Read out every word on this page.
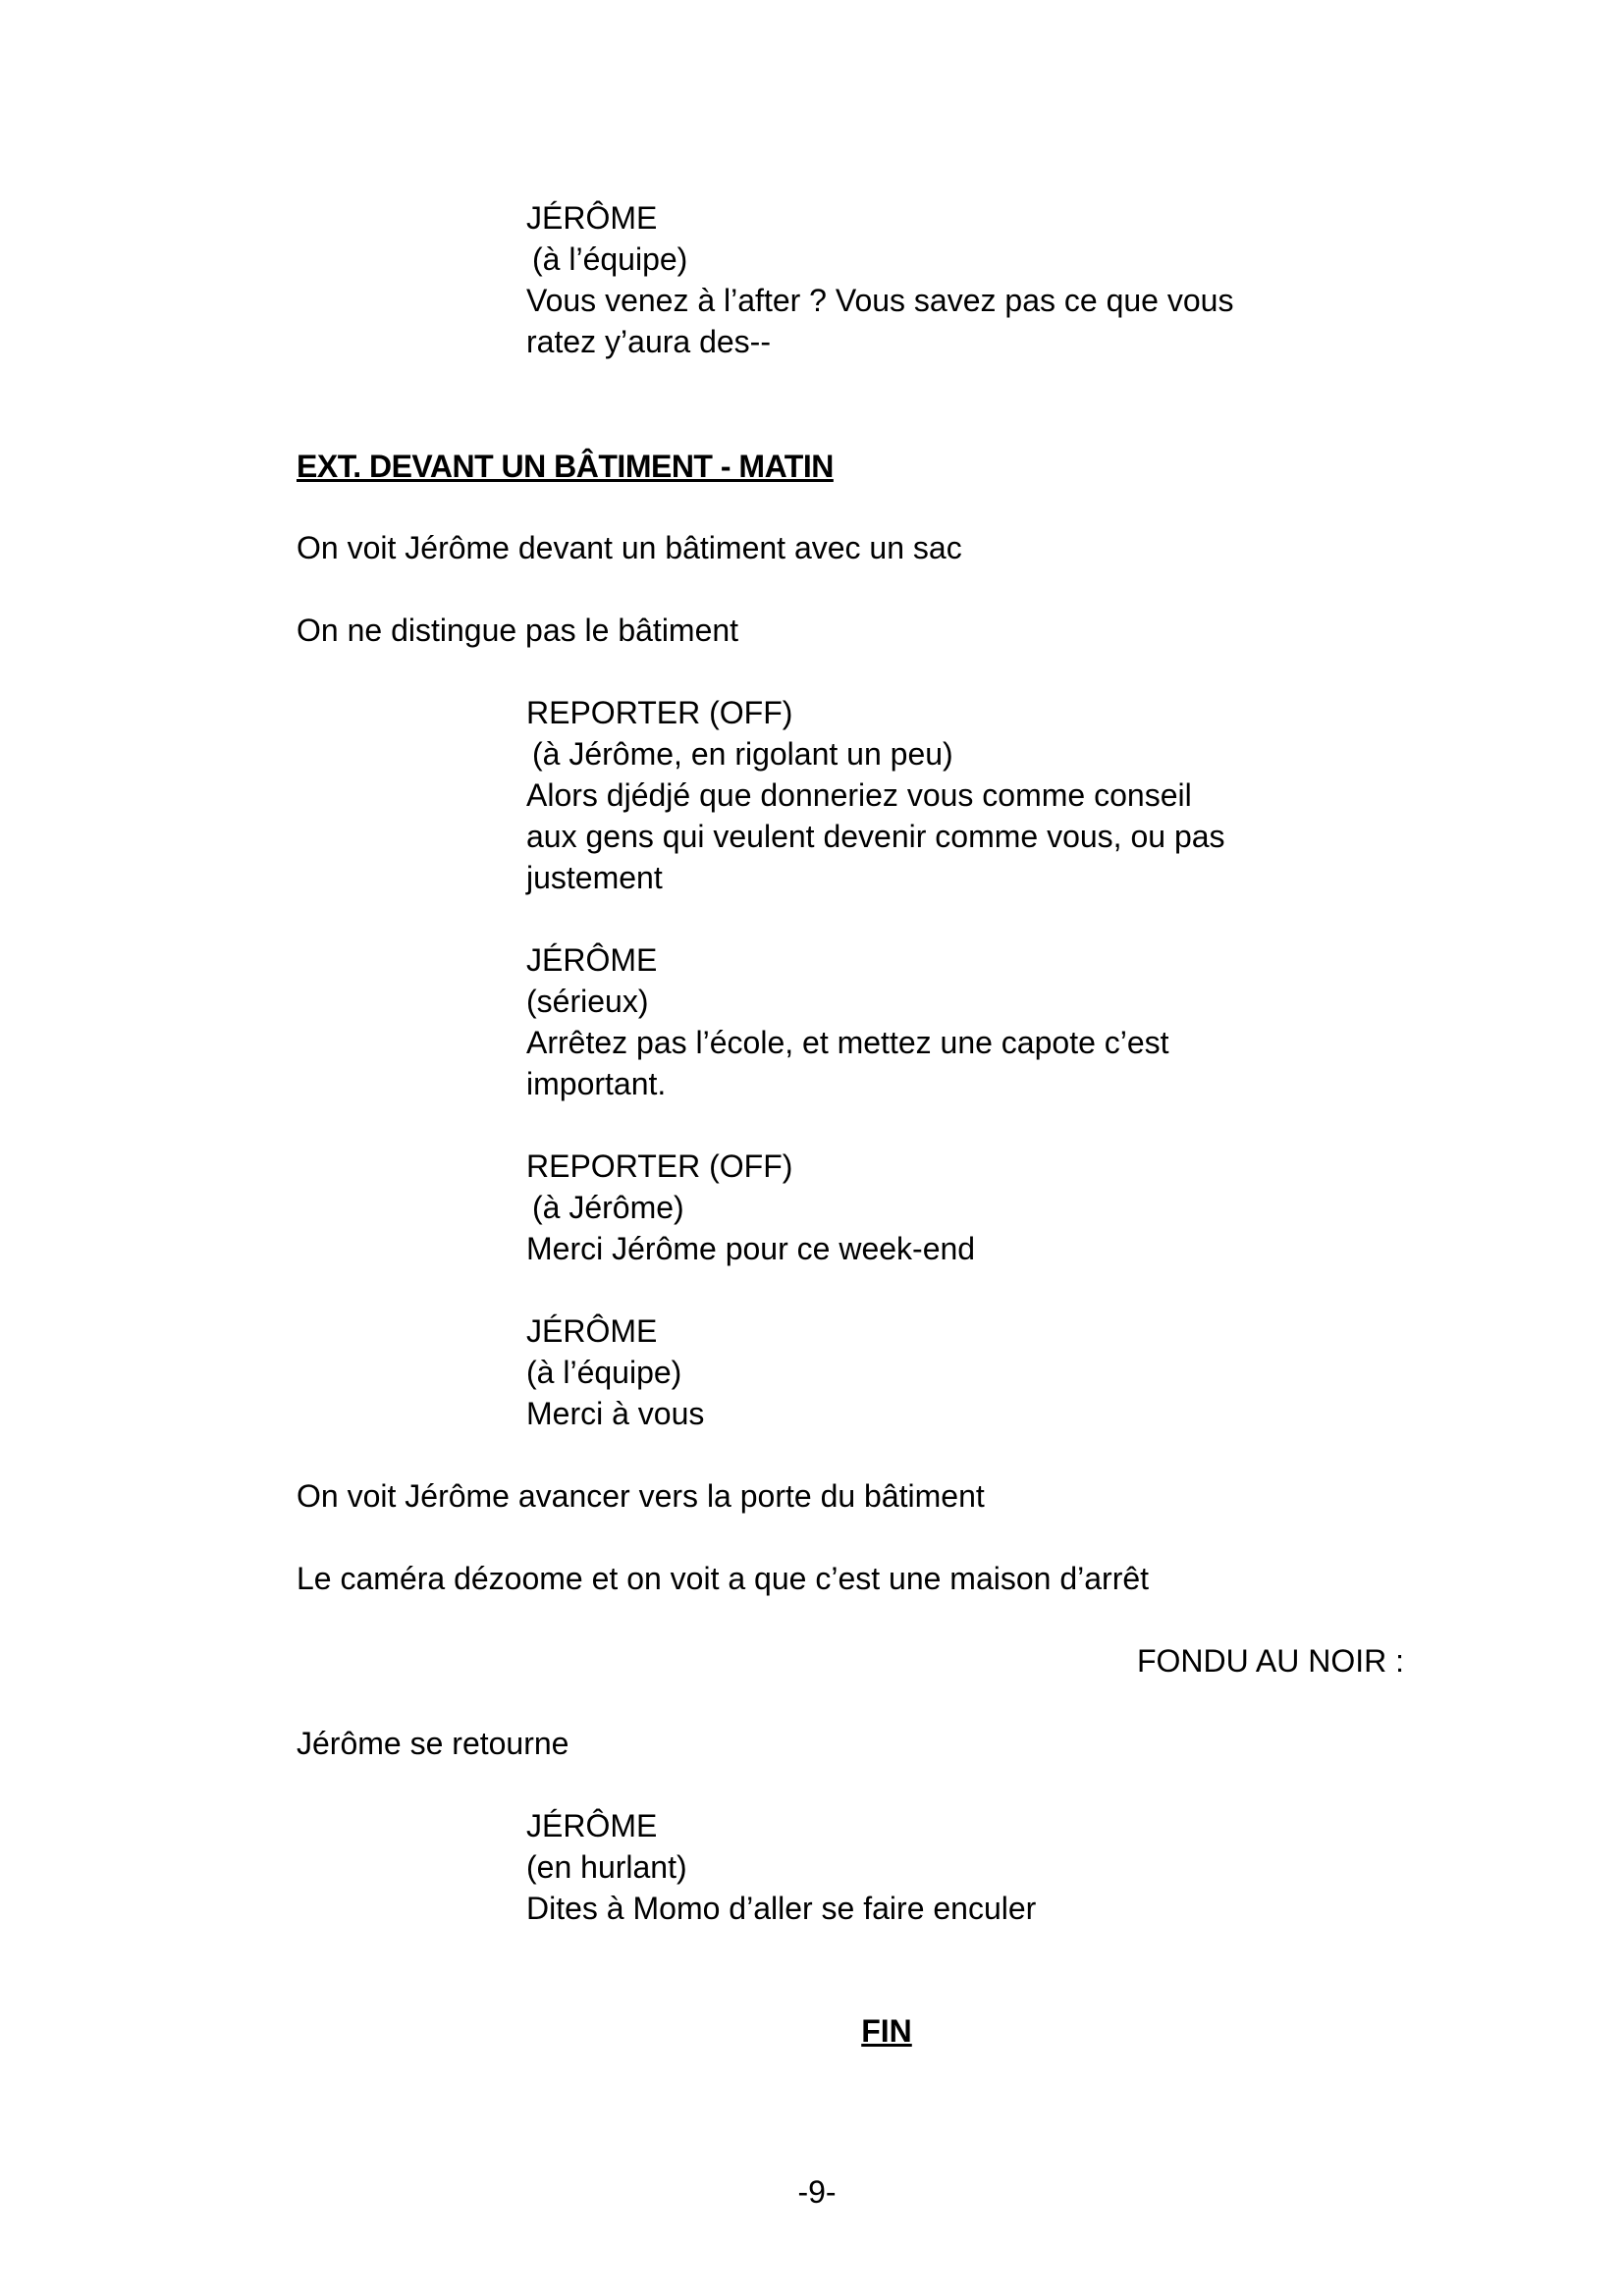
JÉRÔME

(à l’équipe)

Vous venez à l’after ? Vous savez pas ce que vous

ratez y’aura des--

EXT. DEVANT UN BÂTIMENT - MATIN

On voit Jérôme devant un bâtiment avec un sac

On ne distingue pas le bâtiment

REPORTER (OFF)

(à Jérôme, en rigolant un peu)

Alors djédjé que donneriez vous comme conseil

aux gens qui veulent devenir comme vous, ou pas

justement

JÉRÔME

(sérieux)

Arrêtez pas l’école, et mettez une capote c’est

important.

REPORTER (OFF)

(à Jérôme)

Merci Jérôme pour ce week-end

JÉRÔME

(à l’équipe)

Merci à vous

On voit Jérôme avancer vers la porte du bâtiment

Le caméra dézoome et on voit a que c’est une maison d’arrêt

FONDU AU NOIR :

Jérôme se retourne

JÉRÔME

(en hurlant)

Dites à Momo d’aller se faire enculer

FIN

-9-
